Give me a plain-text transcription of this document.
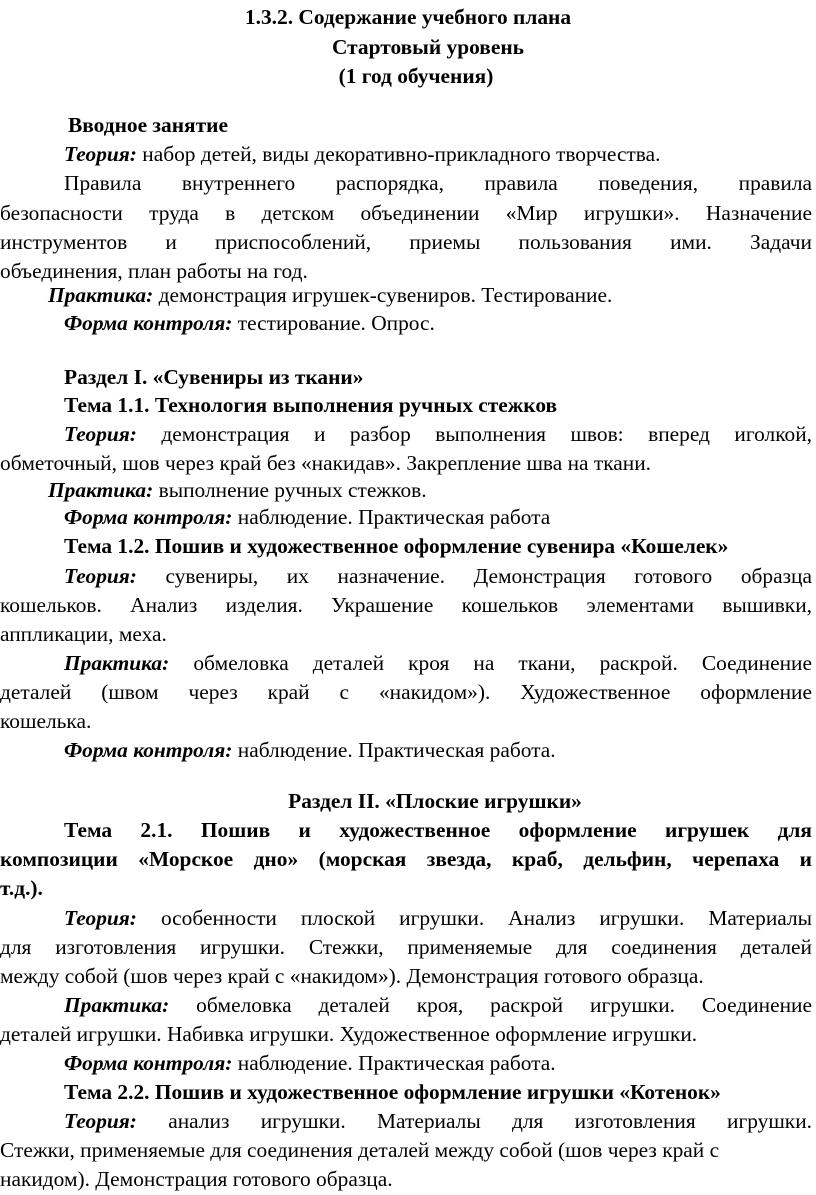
1.3.2. Содержание учебного плана
Стартовый уровень
(1 год обучения)
Вводное занятие
Теория: набор детей, виды декоративно-прикладного творчества.
Правила внутреннего распорядка, правила поведения, правила
безопасности труда в детском объединении «Мир игрушки». Назначение
инструментов и приспособлений, приемы пользования ими. Задачи
объединения, план работы на год.
Практика: демонстрация игрушек-сувениров. Тестирование.
Форма контроля: тестирование. Опрос.
Раздел I. «Сувениры из ткани»
Тема 1.1. Технология выполнения ручных стежков
Теория: демонстрация и разбор выполнения швов: вперед иголкой,
обметочный, шов через край без «накидав». Закрепление шва на ткани.
Практика: выполнение ручных стежков.
Форма контроля: наблюдение. Практическая работа
Тема 1.2. Пошив и художественное оформление сувенира «Кошелек»
Теория: сувениры, их назначение. Демонстрация готового образца
кошельков. Анализ изделия. Украшение кошельков элементами вышивки,
аппликации, меха.
Практика: обмеловка деталей кроя на ткани, раскрой. Соединение
деталей (швом через край с «накидом»). Художественное оформление
кошелька.
Форма контроля: наблюдение. Практическая работа.
Раздел II. «Плоские игрушки»
Тема 2.1. Пошив и художественное оформление игрушек для
композиции «Морское дно» (морская звезда, краб, дельфин, черепаха и
т.д.).
Теория: особенности плоской игрушки. Анализ игрушки. Материалы
для изготовления игрушки. Стежки, применяемые для соединения деталей
между собой (шов через край с «накидом»). Демонстрация готового образца.
Практика: обмеловка деталей кроя, раскрой игрушки. Соединение
деталей игрушки. Набивка игрушки. Художественное оформление игрушки.
Форма контроля: наблюдение. Практическая работа.
Тема 2.2. Пошив и художественное оформление игрушки «Котенок»
Теория: анализ игрушки. Материалы для изготовления игрушки.
Стежки, применяемые для соединения деталей между собой (шов через край с
накидом). Демонстрация готового образца.
